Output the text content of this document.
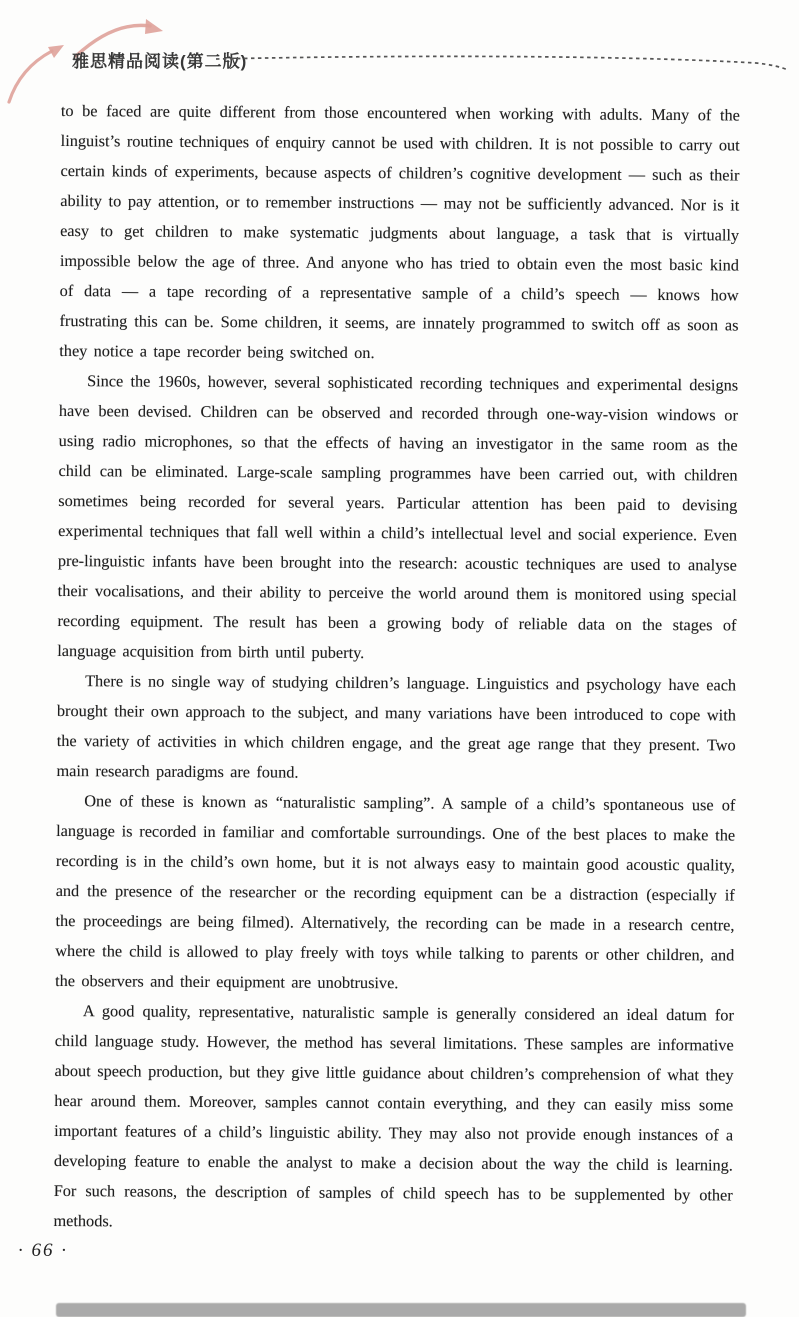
雅思精品阅读(第二版)

to be faced are quite different from those encountered when working with adults. Many of the linguist’s routine techniques of enquiry cannot be used with children. It is not possible to carry out certain kinds of experiments, because aspects of children’s cognitive development — such as their ability to pay attention, or to remember instructions — may not be sufficiently advanced. Nor is it easy to get children to make systematic judgments about language, a task that is virtually impossible below the age of three. And anyone who has tried to obtain even the most basic kind of data — a tape recording of a representative sample of a child’s speech — knows how frustrating this can be. Some children, it seems, are innately programmed to switch off as soon as they notice a tape recorder being switched on.

Since the 1960s, however, several sophisticated recording techniques and experimental designs have been devised. Children can be observed and recorded through one-way-vision windows or using radio microphones, so that the effects of having an investigator in the same room as the child can be eliminated. Large-scale sampling programmes have been carried out, with children sometimes being recorded for several years. Particular attention has been paid to devising experimental techniques that fall well within a child’s intellectual level and social experience. Even pre-linguistic infants have been brought into the research: acoustic techniques are used to analyse their vocalisations, and their ability to perceive the world around them is monitored using special recording equipment. The result has been a growing body of reliable data on the stages of language acquisition from birth until puberty.

There is no single way of studying children’s language. Linguistics and psychology have each brought their own approach to the subject, and many variations have been introduced to cope with the variety of activities in which children engage, and the great age range that they present. Two main research paradigms are found.

One of these is known as “naturalistic sampling”. A sample of a child’s spontaneous use of language is recorded in familiar and comfortable surroundings. One of the best places to make the recording is in the child’s own home, but it is not always easy to maintain good acoustic quality, and the presence of the researcher or the recording equipment can be a distraction (especially if the proceedings are being filmed). Alternatively, the recording can be made in a research centre, where the child is allowed to play freely with toys while talking to parents or other children, and the observers and their equipment are unobtrusive.

A good quality, representative, naturalistic sample is generally considered an ideal datum for child language study. However, the method has several limitations. These samples are informative about speech production, but they give little guidance about children’s comprehension of what they hear around them. Moreover, samples cannot contain everything, and they can easily miss some important features of a child’s linguistic ability. They may also not provide enough instances of a developing feature to enable the analyst to make a decision about the way the child is learning. For such reasons, the description of samples of child speech has to be supplemented by other methods.

· 66 ·
